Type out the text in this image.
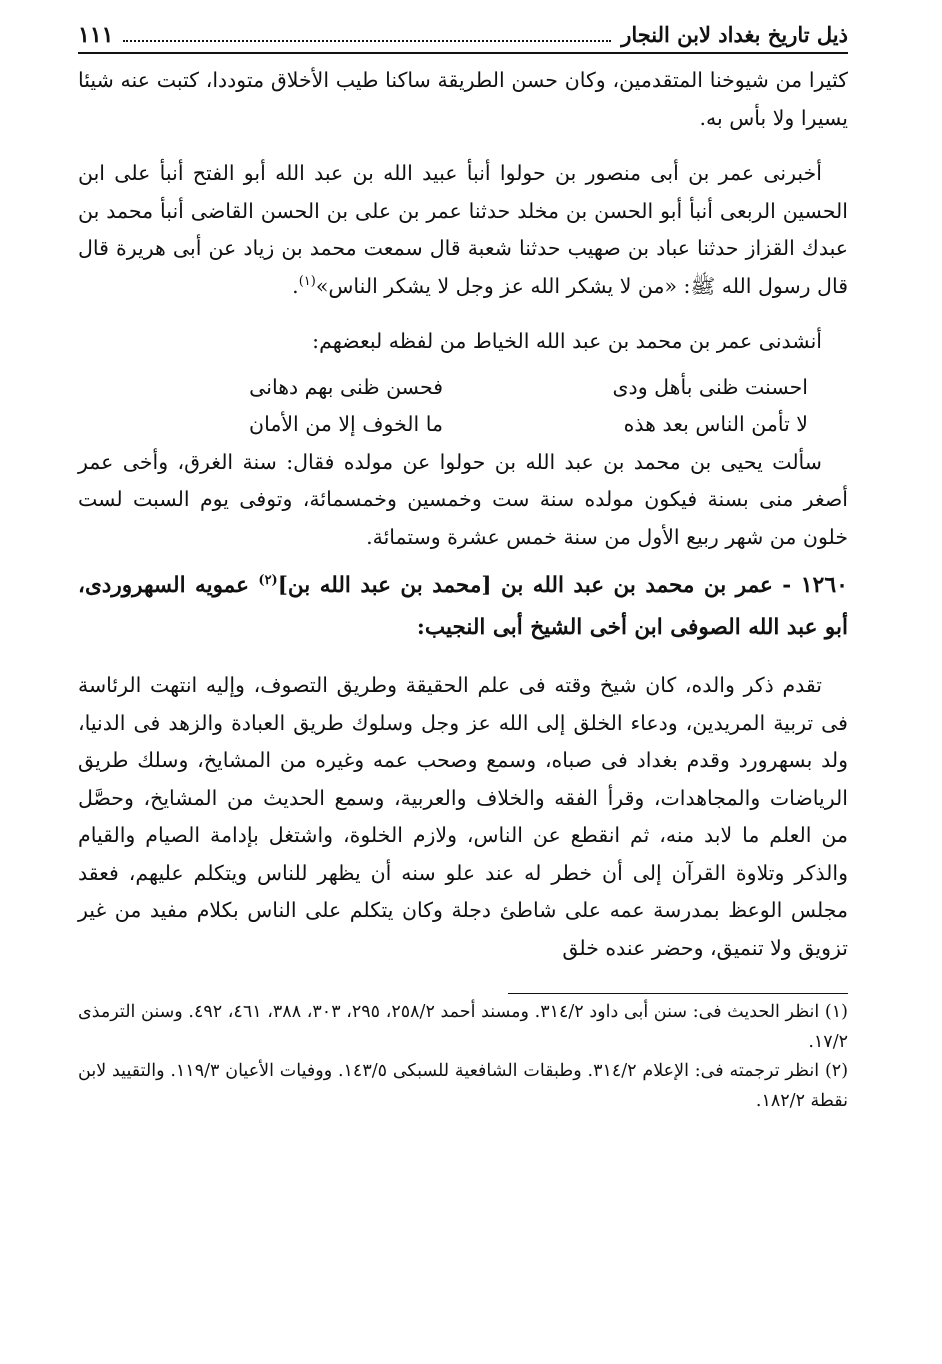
ذيل تاريخ بغداد لابن النجار
١١١

كثيرا من شيوخنا المتقدمين، وكان حسن الطريقة ساكنا طيب الأخلاق متوددا، كتبت عنه شيئا يسيرا ولا بأس به.

أخبرنى عمر بن أبى منصور بن حولوا أنبأ عبيد الله بن عبد الله أبو الفتح أنبأ على ابن الحسين الربعى أنبأ أبو الحسن بن مخلد حدثنا عمر بن على بن الحسن القاضى أنبأ محمد بن عبدك القزاز حدثنا عباد بن صهيب حدثنا شعبة قال سمعت محمد بن زياد عن أبى هريرة قال قال رسول الله ﷺ: «من لا يشكر الله عز وجل لا يشكر الناس»$^{(١)}$.

أنشدنى عمر بن محمد بن عبد الله الخياط من لفظه لبعضهم:

احسنت ظنى بأهل ودى
فحسن ظنى بهم دهانى
لا تأمن الناس بعد هذه
ما الخوف إلا من الأمان

سألت يحيى بن محمد بن عبد الله بن حولوا عن مولده فقال: سنة الغرق، وأخى عمر أصغر منى بسنة فيكون مولده سنة ست وخمسين وخمسمائة، وتوفى يوم السبت لست خلون من شهر ربيع الأول من سنة خمس عشرة وستمائة.

١٢٦٠ - عمر بن محمد بن عبد الله بن [محمد بن عبد الله بن]$^{(٢)}$ عمويه السهروردى، أبو عبد الله الصوفى ابن أخى الشيخ أبى النجيب:

تقدم ذكر والده، كان شيخ وقته فى علم الحقيقة وطريق التصوف، وإليه انتهت الرئاسة فى تربية المريدين، ودعاء الخلق إلى الله عز وجل وسلوك طريق العبادة والزهد فى الدنيا، ولد بسهرورد وقدم بغداد فى صباه، وسمع وصحب عمه وغيره من المشايخ، وسلك طريق الرياضات والمجاهدات، وقرأ الفقه والخلاف والعربية، وسمع الحديث من المشايخ، وحصَّل من العلم ما لابد منه، ثم انقطع عن الناس، ولازم الخلوة، واشتغل بإدامة الصيام والقيام والذكر وتلاوة القرآن إلى أن خطر له عند علو سنه أن يظهر للناس ويتكلم عليهم، فعقد مجلس الوعظ بمدرسة عمه على شاطئ دجلة وكان يتكلم على الناس بكلام مفيد من غير تزويق ولا تنميق، وحضر عنده خلق

(١) انظر الحديث فى: سنن أبى داود ٣١٤/٢. ومسند أحمد ٢٥٨/٢، ٢٩٥، ٣٠٣، ٣٨٨، ٤٦١، ٤٩٢. وسنن الترمذى ١٧/٢.

(٢) انظر ترجمته فى: الإعلام ٣١٤/٢. وطبقات الشافعية للسبكى ١٤٣/٥. ووفيات الأعيان ١١٩/٣. والتقييد لابن نقطة ١٨٢/٢.
